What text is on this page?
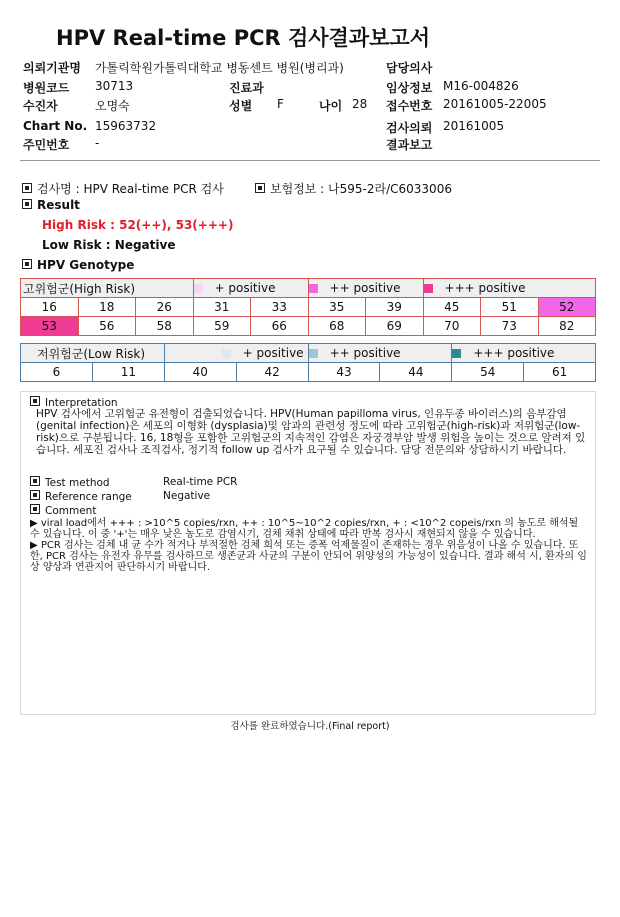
HPV Real-time PCR 검사결과보고서
의뢰기관명 가톨릭학원가톨릭대학교 병동센트 병원(병리과)	담당의사
병원코드 30713	진료과	임상정보 M16-004826
수진자	오명숙	성별 F	나이 28 접수번호 20161005-22005
Chart No. 15963732	검사의뢰 20161005
주민번호 -	결과보고
검사명 : HPV Real-time PCR 검사	보험정보 : 나595-2라/C6033006
Result
High Risk : 52(++), 53(+++)
Low Risk : Negative
HPV Genotype
고위험군(High Risk)			+ positive		++ positive		+++ positive		
16	18	26	31	33	35	39	45	51	52
53	56	58	59	66	68	69	70	73	82
저위험군(Low Risk)		+ positive		++ positive		+++ positive	
6	11	40	42	43	44	54	61
Interpretation
HPV 검사에서 고위험군 유전형이 검출되었습니다. HPV(Human papilloma virus, 인유두종 바이러스)의 음부감염(genital infection)은 세포의 이형화 (dysplasia)및 암과의 관련성 정도에 따라 고위험군(high-risk)과 저위험군(low-risk)으로 구분됩니다. 16, 18형을 포함한 고위험군의 지속적인 감염은 자궁경부암 발생 위험을 높이는 것으로 알려져 있습니다. 세포진 검사나 조직검사, 정기적 follow up 검사가 요구될 수 있습니다. 담당 전문의와 상담하시기 바랍니다.
Test method	Real-time PCR
Reference range	Negative
Comment
▶ viral load에서 +++ : >10^5 copies/rxn, ++ : 10^5~10^2 copies/rxn, + : <10^2 copeis/rxn 의 농도로 해석될 수 있습니다. 이 중 '+'는 매우 낮은 농도로 감염시기, 검체 채취 상태에 따라 반복 검사시 재현되지 않을 수 있습니다.
▶ PCR 검사는 검체 내 균 수가 적거나 부적절한 검체 희석 또는 증폭 억제물질이 존재하는 경우 위음성이 나올 수 있습니다. 또한, PCR 검사는 유전자 유무를 검사하므로 생존균과 사균의 구분이 안되어 위양성의 가능성이 있습니다. 결과 해석 시, 환자의 임상 양상과 연관지어 판단하시기 바랍니다.
검사를 완료하였습니다.(Final report)
